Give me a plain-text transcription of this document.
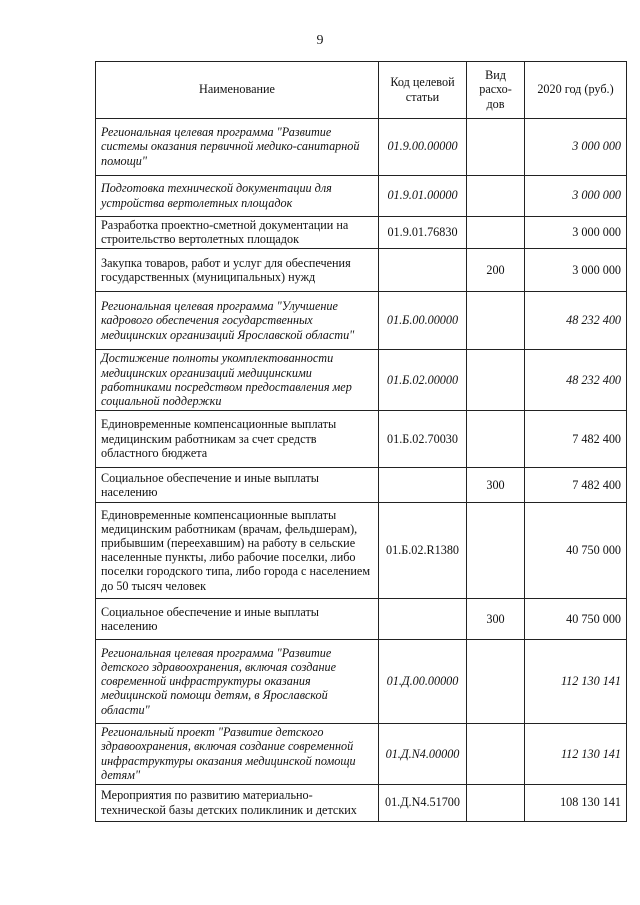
9
Наименование	Код целевой статьи	Вид расхо-дов	2020 год (руб.)
Региональная целевая программа "Развитие системы оказания первичной медико-санитарной помощи"	01.9.00.00000		3 000 000
Подготовка технической документации для устройства вертолетных площадок	01.9.01.00000		3 000 000
Разработка проектно-сметной документации на строительство вертолетных площадок	01.9.01.76830		3 000 000
Закупка товаров, работ и услуг для обеспечения государственных (муниципальных) нужд		200	3 000 000
Региональная целевая программа "Улучшение кадрового обеспечения государственных медицинских организаций Ярославской области"	01.Б.00.00000		48 232 400
Достижение полноты укомплектованности медицинских организаций медицинскими работниками посредством предоставления мер социальной поддержки	01.Б.02.00000		48 232 400
Единовременные компенсационные выплаты медицинским работникам за счет средств областного бюджета	01.Б.02.70030		7 482 400
Социальное обеспечение и иные выплаты населению		300	7 482 400
Единовременные компенсационные выплаты медицинским работникам (врачам, фельдшерам), прибывшим (переехавшим) на работу в сельские населенные пункты, либо рабочие поселки, либо поселки городского типа, либо города с населением до 50 тысяч человек	01.Б.02.R1380		40 750 000
Социальное обеспечение и иные выплаты населению		300	40 750 000
Региональная целевая программа "Развитие детского здравоохранения, включая создание современной инфраструктуры оказания медицинской помощи детям, в Ярославской области"	01.Д.00.00000		112 130 141
Региональный проект "Развитие детского здравоохранения, включая создание современной инфраструктуры оказания медицинской помощи детям"	01.Д.N4.00000		112 130 141
Мероприятия по развитию материально-технической базы детских поликлиник и детских	01.Д.N4.51700		108 130 141
